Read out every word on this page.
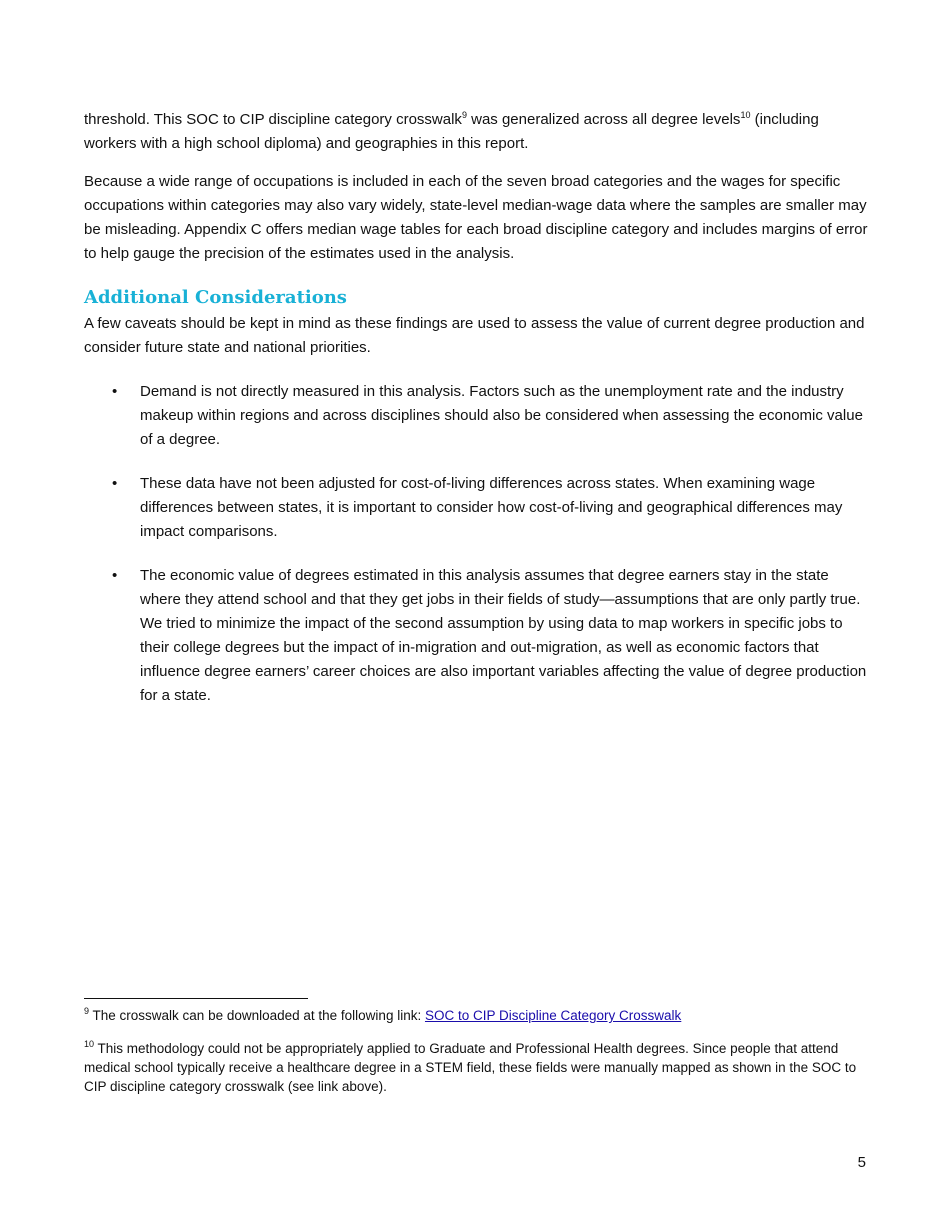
threshold. This SOC to CIP discipline category crosswalk$^9$ was generalized across all degree levels$^{10}$ (including workers with a high school diploma) and geographies in this report.

Because a wide range of occupations is included in each of the seven broad categories and the wages for specific occupations within categories may also vary widely, state-level median-wage data where the samples are smaller may be misleading. Appendix C offers median wage tables for each broad discipline category and includes margins of error to help gauge the precision of the estimates used in the analysis.

Additional Considerations

A few caveats should be kept in mind as these findings are used to assess the value of current degree production and consider future state and national priorities.

• Demand is not directly measured in this analysis. Factors such as the unemployment rate and the industry makeup within regions and across disciplines should also be considered when assessing the economic value of a degree.
• These data have not been adjusted for cost-of-living differences across states. When examining wage differences between states, it is important to consider how cost-of-living and geographical differences may impact comparisons.
• The economic value of degrees estimated in this analysis assumes that degree earners stay in the state where they attend school and that they get jobs in their fields of study—assumptions that are only partly true. We tried to minimize the impact of the second assumption by using data to map workers in specific jobs to their college degrees but the impact of in-migration and out-migration, as well as economic factors that influence degree earners’ career choices are also important variables affecting the value of degree production for a state.

$^9$ The crosswalk can be downloaded at the following link: SOC to CIP Discipline Category Crosswalk

$^{10}$ This methodology could not be appropriately applied to Graduate and Professional Health degrees. Since people that attend medical school typically receive a healthcare degree in a STEM field, these fields were manually mapped as shown in the SOC to CIP discipline category crosswalk (see link above).

5
